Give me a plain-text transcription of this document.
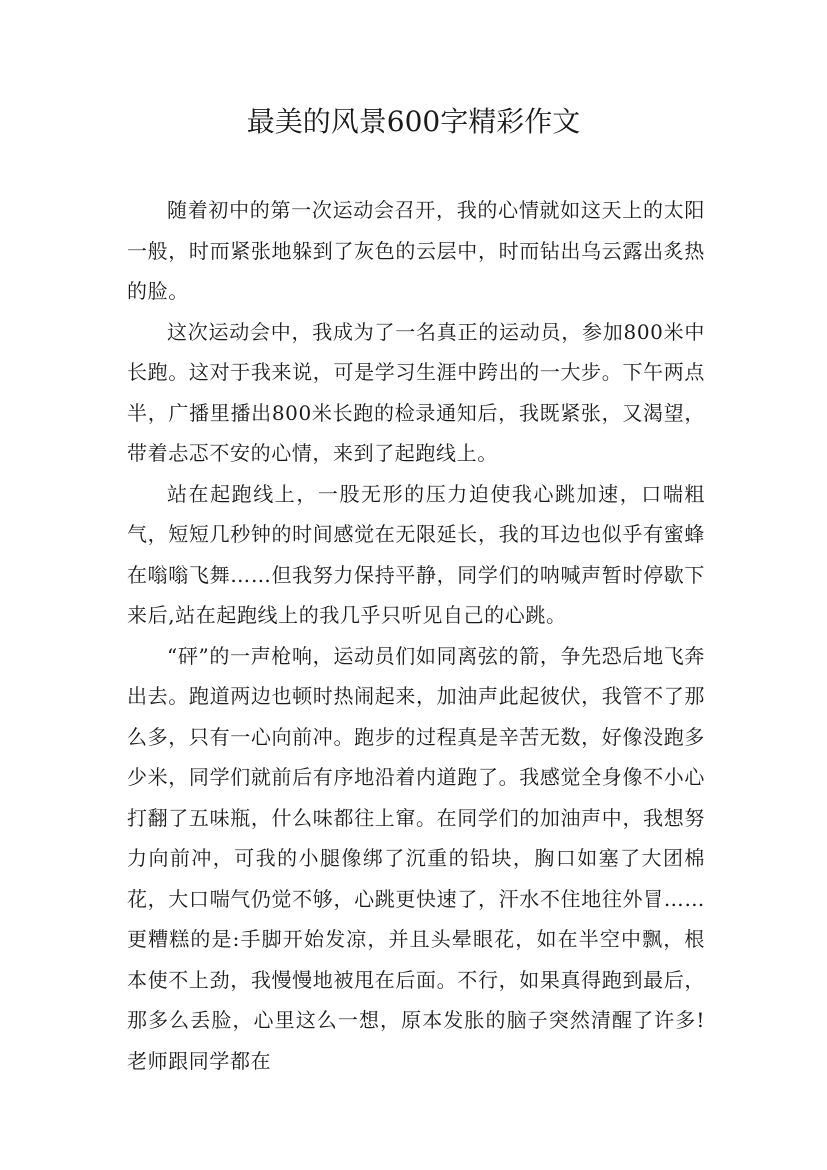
最美的风景600字精彩作文

随着初中的第一次运动会召开，我的心情就如这天上的太阳一般，时而紧张地躲到了灰色的云层中，时而钻出乌云露出炙热的脸。

这次运动会中，我成为了一名真正的运动员，参加800米中长跑。这对于我来说，可是学习生涯中跨出的一大步。下午两点半，广播里播出800米长跑的检录通知后，我既紧张，又渴望，带着忐忑不安的心情，来到了起跑线上。

站在起跑线上，一股无形的压力迫使我心跳加速，口喘粗气，短短几秒钟的时间感觉在无限延长，我的耳边也似乎有蜜蜂在嗡嗡飞舞……但我努力保持平静，同学们的呐喊声暂时停歇下来后,站在起跑线上的我几乎只听见自己的心跳。

“砰”的一声枪响，运动员们如同离弦的箭，争先恐后地飞奔出去。跑道两边也顿时热闹起来，加油声此起彼伏，我管不了那么多，只有一心向前冲。跑步的过程真是辛苦无数，好像没跑多少米，同学们就前后有序地沿着内道跑了。我感觉全身像不小心打翻了五味瓶，什么味都往上窜。在同学们的加油声中，我想努力向前冲，可我的小腿像绑了沉重的铅块，胸口如塞了大团棉花，大口喘气仍觉不够，心跳更快速了，汗水不住地往外冒……更糟糕的是:手脚开始发凉，并且头晕眼花，如在半空中飘，根本使不上劲，我慢慢地被甩在后面。不行，如果真得跑到最后，那多么丢脸，心里这么一想，原本发胀的脑子突然清醒了许多!老师跟同学都在
